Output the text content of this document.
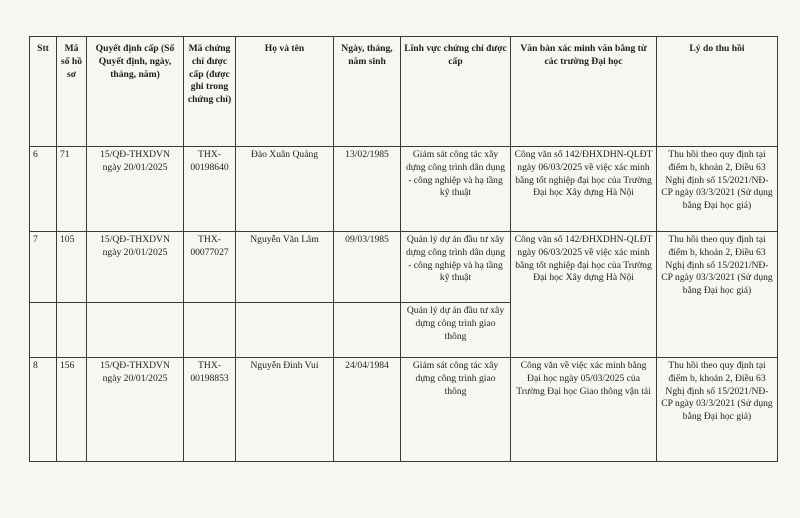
Stt	Mã số hồ sơ	Quyết định cấp (Số Quyết định, ngày, tháng, năm)	Mã chứng chỉ được cấp (được ghi trong chứng chỉ)	Họ và tên	Ngày, tháng, năm sinh	Lĩnh vực chứng chỉ được cấp	Văn bản xác minh văn bằng từ các trường Đại học	Lý do thu hồi
6	71	15/QĐ-THXDVN ngày 20/01/2025	THX-00198640	Đào Xuân Quảng	13/02/1985	Giám sát công tác xây dựng công trình dân dụng - công nghiệp và hạ tầng kỹ thuật	Công văn số 142/ĐHXDHN-QLĐT ngày 06/03/2025 về việc xác minh bằng tốt nghiệp đại học của Trường Đại học Xây dựng Hà Nội	Thu hồi theo quy định tại điểm b, khoản 2, Điều 63 Nghị định số 15/2021/NĐ-CP ngày 03/3/2021 (Sử dụng bằng Đại học giả)
7	105	15/QĐ-THXDVN ngày 20/01/2025	THX-00077027	Nguyễn Văn Lâm	09/03/1985	Quản lý dự án đầu tư xây dựng công trình dân dụng - công nghiệp và hạ tầng kỹ thuật	Công văn số 142/ĐHXDHN-QLĐT ngày 06/03/2025 về việc xác minh bằng tốt nghiệp đại học của Trường Đại học Xây dựng Hà Nội	Thu hồi theo quy định tại điểm b, khoản 2, Điều 63 Nghị định số 15/2021/NĐ-CP ngày 03/3/2021 (Sử dụng bằng Đại học giả)
						Quản lý dự án đầu tư xây dựng công trình giao thông		
8	156	15/QĐ-THXDVN ngày 20/01/2025	THX-00198853	Nguyễn Đình Vui	24/04/1984	Giám sát công tác xây dựng công trình giao thông	Công văn về việc xác minh bằng Đại học ngày 05/03/2025 của Trường Đại học Giao thông vận tải	Thu hồi theo quy định tại điểm b, khoản 2, Điều 63 Nghị định số 15/2021/NĐ-CP ngày 03/3/2021 (Sử dụng bằng Đại học giả)
